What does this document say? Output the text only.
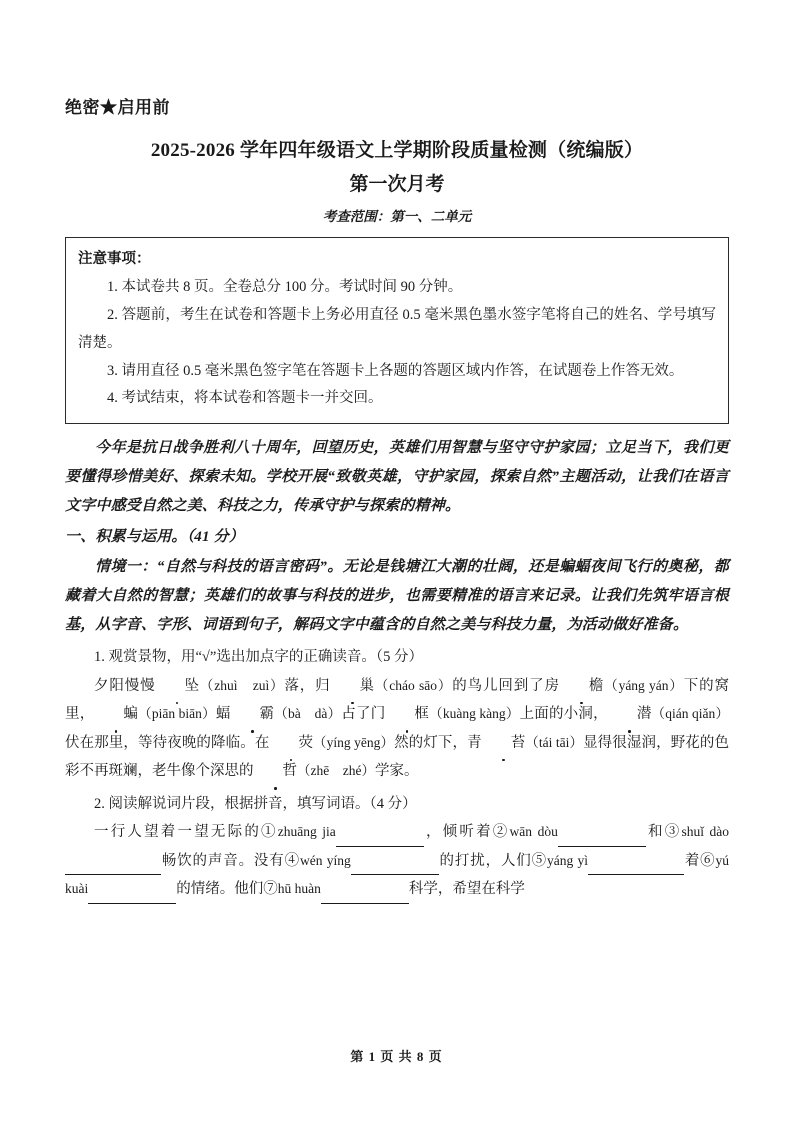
绝密★启用前
2025-2026 学年四年级语文上学期阶段质量检测（统编版）
第一次月考
考查范围：第一、二单元
注意事项：
1. 本试卷共 8 页。全卷总分 100 分。考试时间 90 分钟。
2. 答题前，考生在试卷和答题卡上务必用直径 0.5 毫米黑色墨水签字笔将自己的姓名、学号填写清楚。
3. 请用直径 0.5 毫米黑色签字笔在答题卡上各题的答题区域内作答，在试题卷上作答无效。
4. 考试结束，将本试卷和答题卡一并交回。
今年是抗日战争胜利八十周年，回望历史，英雄们用智慧与坚守守护家园；立足当下，我们更要懂得珍惜美好、探索未知。学校开展“致敬英雄，守护家园，探索自然”主题活动，让我们在语言文字中感受自然之美、科技之力，传承守护与探索的精神。
一、积累与运用。（41 分）
情境一：“自然与科技的语言密码”。无论是钱塘江大潮的壮阔，还是蝙蝠夜间飞行的奥秘，都藏着大自然的智慧；英雄们的故事与科技的进步，也需要精准的语言来记录。让我们先筑牢语言根基，从字音、字形、词语到句子，解码文字中蕴含的自然之美与科技力量，为活动做好准备。
1. 观赏景物，用“√”选出加点字的正确读音。（5 分）
夕阳慢慢 坠（zhuì　zuì）落，归 巢（cháo sāo）的鸟儿回到了房 檐（yáng yán）下的窝里， 蝙（piān biān）蝠 霸（bà　dà）占了门 框（kuàng kàng）上面的小洞， 潜（qián qiǎn）伏在那里，等待夜晚的降临。在 荧（yíng yēng）然的灯下，青 苔（tái tāi）显得很湿润，野花的色彩不再斑斓，老牛像个深思的 哲（zhē　zhé）学家。
2. 阅读解说词片段，根据拼音，填写词语。（4 分）
一行人望着一望无际的①zhuāng jia	，倾听着②wān dòu	和③shuǐ dào畅饮的声音。没有④wén yíng	的打扰，人们⑤yáng yì	着⑥yú kuài	的情绪。他们⑦hū huàn	科学，希望在科学
第 1 页 共 8 页
